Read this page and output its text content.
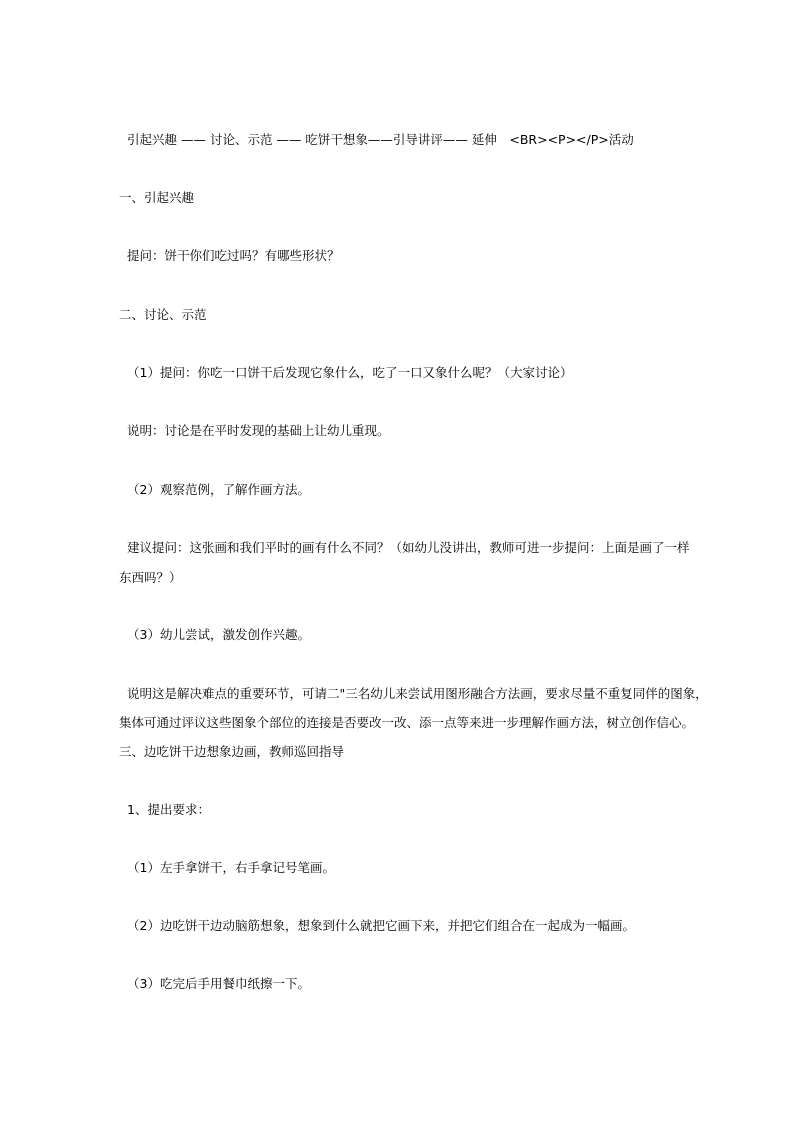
引起兴趣 —— 讨论、示范 —— 吃饼干想象——引导讲评—— 延伸　<BR><P></P>活动
一、引起兴趣
提问：饼干你们吃过吗？有哪些形状？
二、讨论、示范
（1）提问：你吃一口饼干后发现它象什么，吃了一口又象什么呢？（大家讨论）
说明：讨论是在平时发现的基础上让幼儿重现。
（2）观察范例，了解作画方法。
建议提问：这张画和我们平时的画有什么不同？（如幼儿没讲出，教师可进一步提问：上面是画了一样
东西吗？）
（3）幼儿尝试，激发创作兴趣。
说明这是解决难点的重要环节，可请二"三名幼儿来尝试用图形融合方法画，要求尽量不重复同伴的图象，
集体可通过评议这些图象个部位的连接是否要改一改、添一点等来进一步理解作画方法，树立创作信心。
三、边吃饼干边想象边画，教师巡回指导
1、提出要求：
（1）左手拿饼干，右手拿记号笔画。
（2）边吃饼干边动脑筋想象，想象到什么就把它画下来，并把它们组合在一起成为一幅画。
（3）吃完后手用餐巾纸擦一下。
